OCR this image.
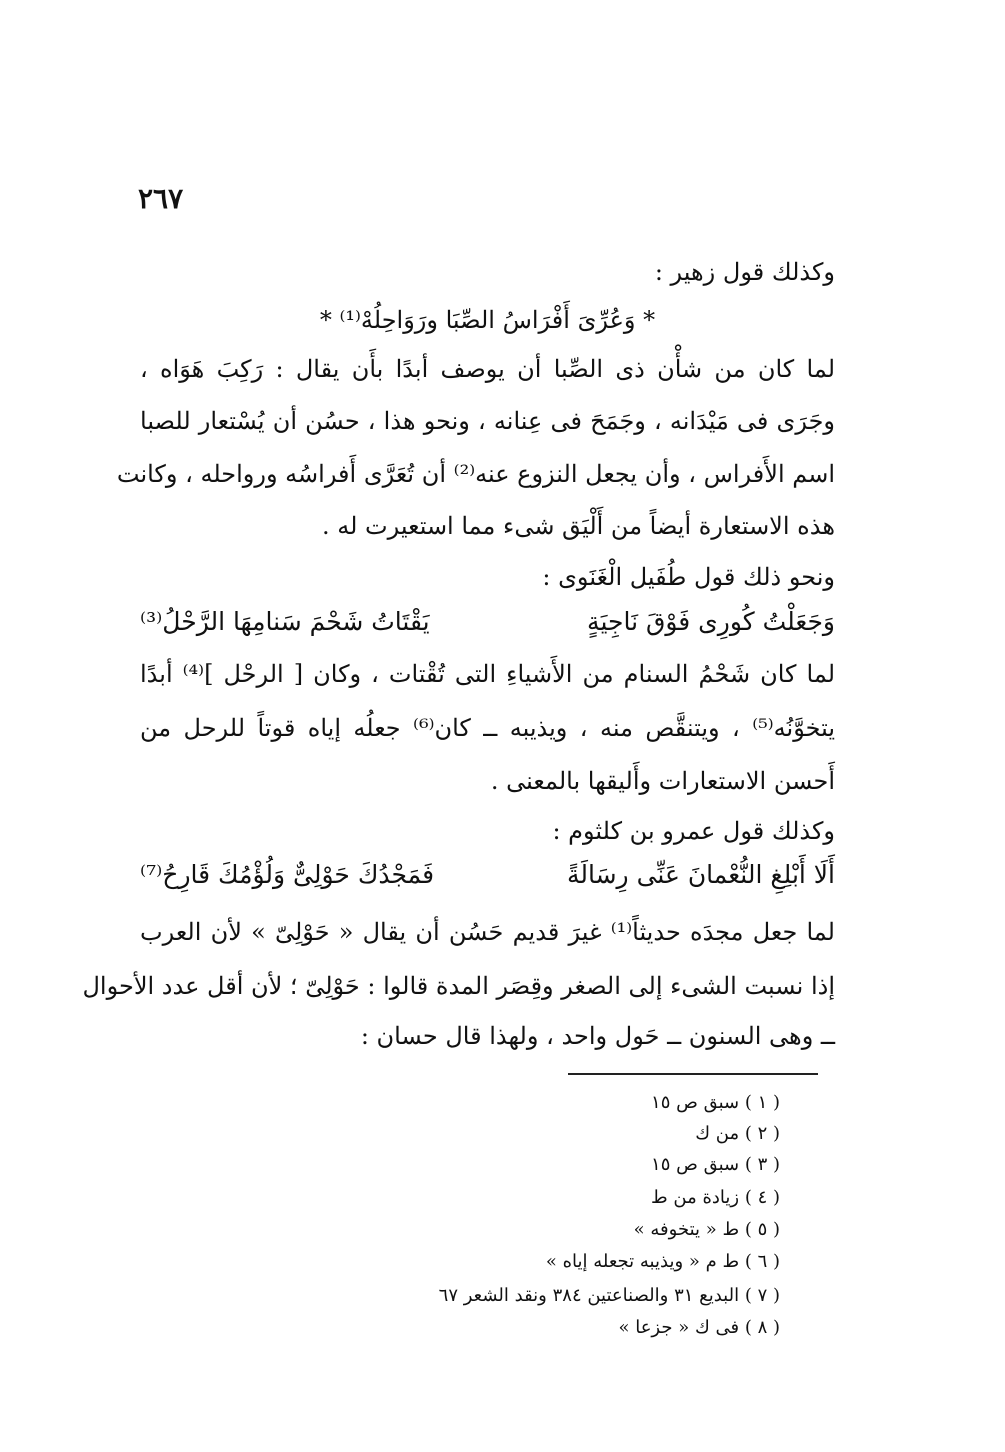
٢٦٧
وكذلك قول زهير :
* وَعُرِّىَ أَفْرَاسُ الصِّبَا ورَوَاحِلُهْ⁽¹⁾ *
لما كان من شأْن ذى الصِّبا أن يوصف أبدًا بأَن يقال : رَكِبَ هَوَاه ،
وجَرَى فى مَيْدَانه ، وجَمَحَ فى عِنانه ، ونحو هذا ، حسُن أن يُسْتعار للصبا
اسم الأَفراس ، وأن يجعل النزوع عنه⁽²⁾ أن تُعَرَّى أَفراسُه ورواحله ، وكانت
هذه الاستعارة أيضاً من أَلْيَق شىء مما استعيرت له .
ونحو ذلك قول طُفَيل الْغَنَوى :
وَجَعَلْتُ كُورِى فَوْقَ نَاجِيَةٍ
يَقْتَاتُ شَحْمَ سَنامِهَا الرَّحْلُ⁽³⁾
لما كان شَحْمُ السنام من الأَشياءِ التى تُقْتات ، وكان [ الرحْل ]⁽⁴⁾ أبدًا
يتخوَّنُه⁽⁵⁾ ، ويتنقَّص منه ، ويذيبه ــ كان⁽⁶⁾ جعلُه إياه قوتاً للرحل من
أَحسن الاستعارات وأَليقها بالمعنى .
وكذلك قول عمرو بن كلثوم :
أَلَا أَبْلِغِ النُّعْمانَ عَنِّى رِسَالَةً
فَمَجْدُكَ حَوْلِىٌّ وَلُؤْمُكَ قَارِحُ⁽⁷⁾
لما جعل مجدَه حديثاً⁽¹⁾ غيرَ قديم حَسُن أن يقال « حَوْلِىّ » لأن العرب
إذا نسبت الشىء إلى الصغر وقِصَر المدة قالوا : حَوْلِىّ ؛ لأن أقل عدد الأحوال
ــ وهى السنون ــ حَول واحد ، ولهذا قال حسان :
( ١ ) سبق ص ١٥
( ٢ ) من ك
( ٣ ) سبق ص ١٥
( ٤ ) زيادة من ط
( ٥ ) ط « يتخوفه »
( ٦ ) ط م « ويذيبه تجعله إياه »
( ٧ ) البديع ٣١ والصناعتين ٣٨٤ ونقد الشعر ٦٧
( ٨ ) فى ك « جزعا »
